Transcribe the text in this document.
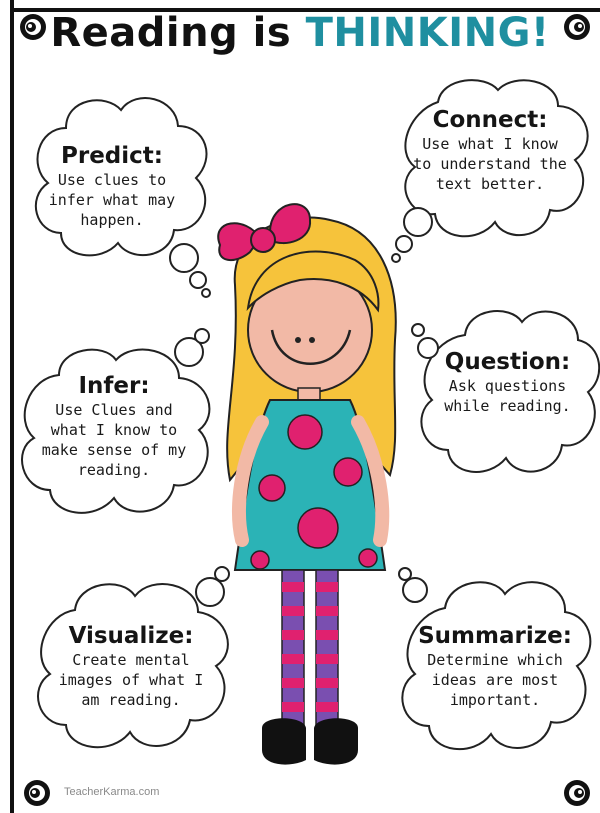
Reading is THINKING!
Predict:
Use clues to
infer what may
happen.
Connect:
Use what I know
to understand the
text better.
Infer:
Use Clues and
what I know to
make sense of my
reading.
Question:
Ask questions
while reading.
Visualize:
Create mental
images of what I
am reading.
Summarize:
Determine which
ideas are most
important.
TeacherKarma.com
